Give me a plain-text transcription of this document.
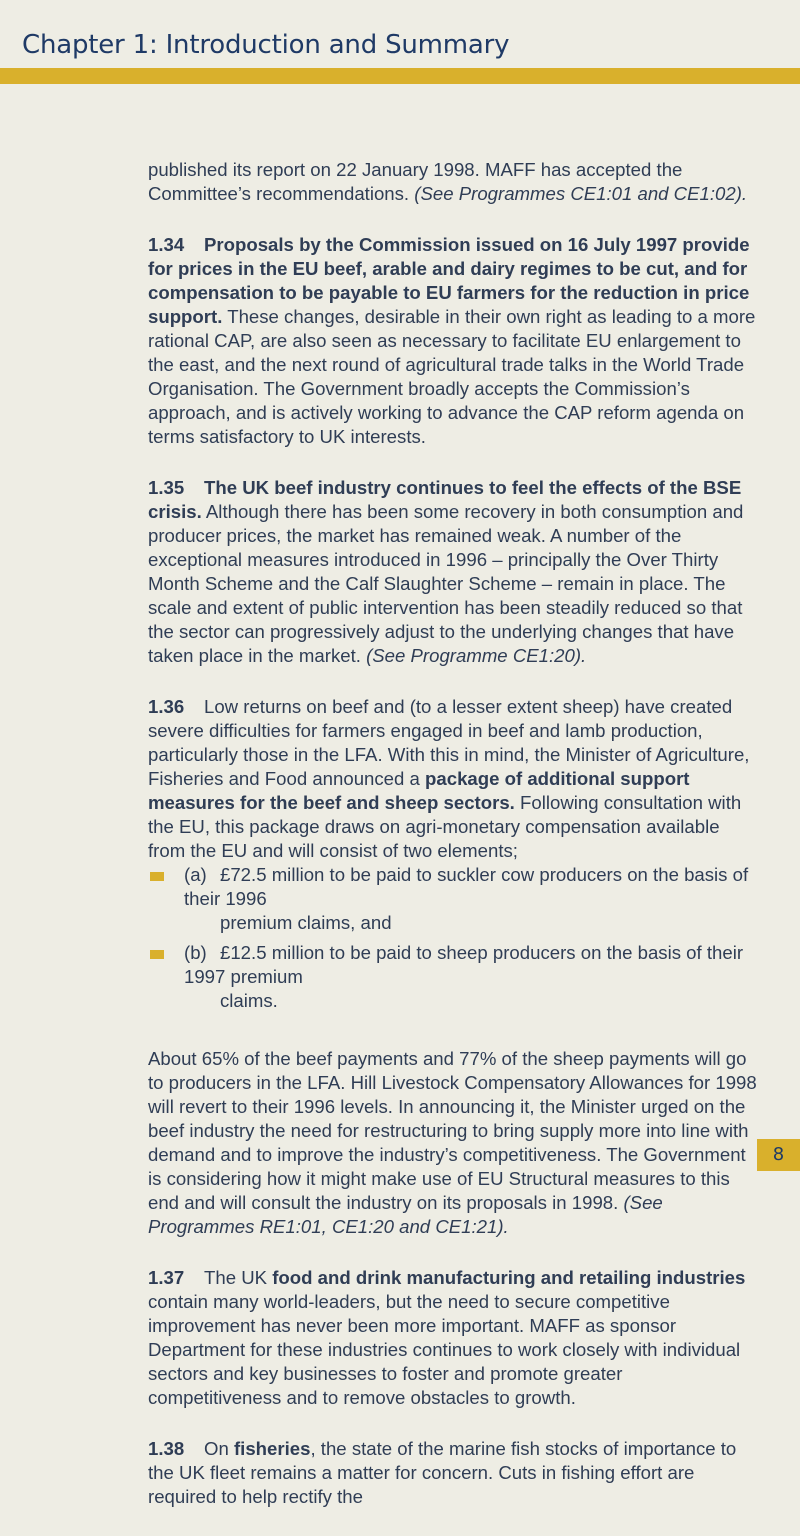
Chapter 1: Introduction and Summary

published its report on 22 January 1998. MAFF has accepted the Committee’s recommendations. (See Programmes CE1:01 and CE1:02).

1.34 Proposals by the Commission issued on 16 July 1997 provide for prices in the EU beef, arable and dairy regimes to be cut, and for compensation to be payable to EU farmers for the reduction in price support. These changes, desirable in their own right as leading to a more rational CAP, are also seen as necessary to facilitate EU enlargement to the east, and the next round of agricultural trade talks in the World Trade Organisation. The Government broadly accepts the Commission’s approach, and is actively working to advance the CAP reform agenda on terms satisfactory to UK interests.

1.35 The UK beef industry continues to feel the effects of the BSE crisis. Although there has been some recovery in both consumption and producer prices, the market has remained weak. A number of the exceptional measures introduced in 1996 – principally the Over Thirty Month Scheme and the Calf Slaughter Scheme – remain in place. The scale and extent of public intervention has been steadily reduced so that the sector can progressively adjust to the underlying changes that have taken place in the market. (See Programme CE1:20).

1.36 Low returns on beef and (to a lesser extent sheep) have created severe difficulties for farmers engaged in beef and lamb production, particularly those in the LFA. With this in mind, the Minister of Agriculture, Fisheries and Food announced a package of additional support measures for the beef and sheep sectors. Following consultation with the EU, this package draws on agri-monetary compensation available from the EU and will consist of two elements;
(a) £72.5 million to be paid to suckler cow producers on the basis of their 1996
premium claims, and
(b) £12.5 million to be paid to sheep producers on the basis of their 1997 premium
claims.

About 65% of the beef payments and 77% of the sheep payments will go to producers in the LFA. Hill Livestock Compensatory Allowances for 1998 will revert to their 1996 levels. In announcing it, the Minister urged on the beef industry the need for restructuring to bring supply more into line with demand and to improve the industry’s competitiveness. The Government is considering how it might make use of EU Structural measures to this end and will consult the industry on its proposals in 1998. (See Programmes RE1:01, CE1:20 and CE1:21).

1.37 The UK food and drink manufacturing and retailing industries contain many world-leaders, but the need to secure competitive improvement has never been more important. MAFF as sponsor Department for these industries continues to work closely with individual sectors and key businesses to foster and promote greater competitiveness and to remove obstacles to growth.

1.38 On fisheries, the state of the marine fish stocks of importance to the UK fleet remains a matter for concern. Cuts in fishing effort are required to help rectify the

8
